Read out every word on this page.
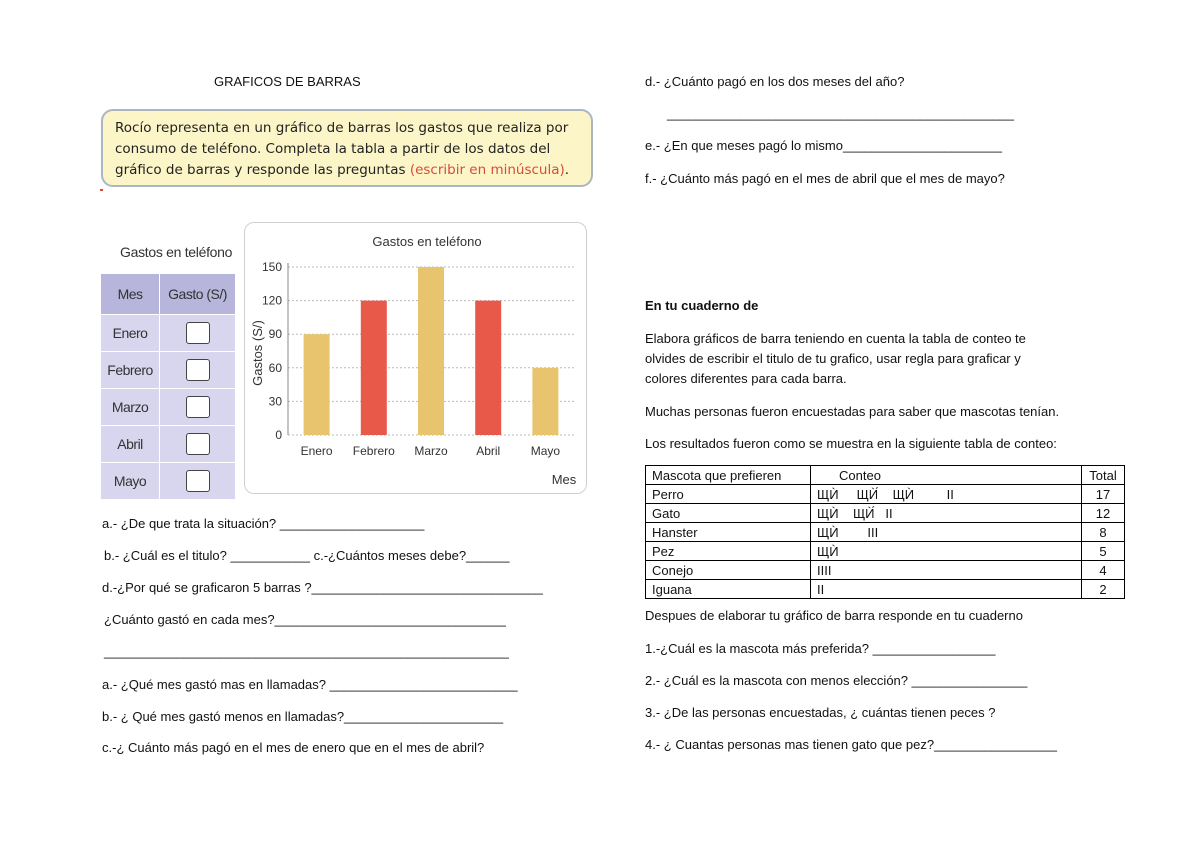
GRAFICOS DE BARRAS
Rocío representa en un gráfico de barras los gastos que realiza por consumo de teléfono. Completa la tabla a partir de los datos del gráfico de barras y responde las preguntas (escribir en minúscula).
Gastos en teléfono
Mes	Gasto (S/)
Enero	
Febrero	
Marzo	
Abril	
Mayo	
Gastos en teléfono
Gastos (S/)
Mes
0
30
60
90
120
150
Enero Febrero Marzo Abril	Mayo
a.- ¿De que trata la situación? ____________________
b.- ¿Cuál es el titulo? ___________ c.-¿Cuántos meses debe?______
d.-¿Por qué se graficaron 5 barras ?________________________________
¿Cuánto gastó en cada mes?________________________________
________________________________________________________
a.- ¿Qué mes gastó mas en llamadas? __________________________
b.- ¿ Qué mes gastó menos en llamadas?______________________
c.-¿ Cuánto más pagó en el mes de enero que en el mes de abril?
d.- ¿Cuánto pagó en los dos meses del año?
________________________________________________
e.- ¿En que meses pagó lo mismo______________________
f.- ¿Cuánto más pagó en el mes de abril que el mes de mayo?
En tu cuaderno de
Elabora gráficos de barra teniendo en cuenta la tabla de conteo te
olvides de escribir el titulo de tu grafico, usar regla para graficar y
colores diferentes para cada barra.
Muchas personas fueron encuestadas para saber que mascotas tenían.
Los resultados fueron como se muestra en la siguiente tabla de conteo:
Mascota que prefieren	Conteo	Total
Perro	ЩЍ     ЩЍ́    ЩЍ         II	17
Gato	ЩЍ    ЩЍ́   II	12
Hanster	ЩЍ        III	8
Pez	ЩЍ	5
Conejo	IIII	4
Iguana	II	2
Despues de elaborar tu gráfico de barra responde en tu cuaderno
1.-¿Cuál es la mascota más preferida? _________________
2.- ¿Cuál es la mascota con menos elección? ________________
3.- ¿De las personas encuestadas, ¿ cuántas tienen peces ?
4.- ¿ Cuantas personas mas tienen gato que pez?_________________
